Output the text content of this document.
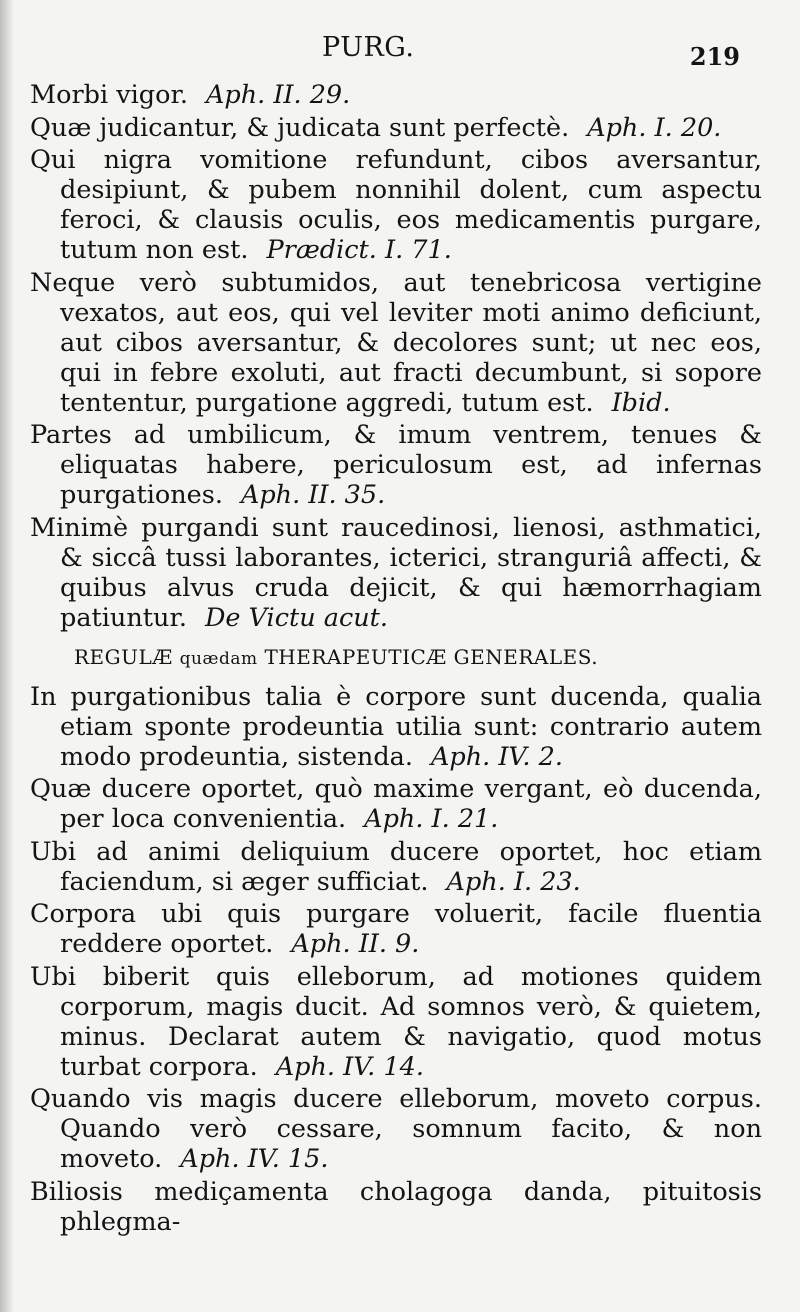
PURG.	219

Morbi vigor. Aph. II. 29.

Quæ judicantur, & judicata sunt perfectè. Aph. I. 20.

Qui nigra vomitione refundunt, cibos aversantur, desipiunt, & pubem nonnihil dolent, cum aspectu feroci, & clausis oculis, eos medicamentis purgare, tutum non est. Prædict. I. 71.

Neque verò subtumidos, aut tenebricosa vertigine vexatos, aut eos, qui vel leviter moti animo deficiunt, aut cibos aversantur, & decolores sunt; ut nec eos, qui in febre exoluti, aut fracti decumbunt, si sopore tententur, purgatione aggredi, tutum est. Ibid.

Partes ad umbilicum, & imum ventrem, tenues & eliquatas habere, periculosum est, ad infernas purgationes. Aph. II. 35.

Minimè purgandi sunt raucedinosi, lienosi, asthmatici, & siccâ tussi laborantes, icterici, stranguriâ affecti, & quibus alvus cruda dejicit, & qui hæmorrhagiam patiuntur. De Victu acut.

REGULÆ quædam THERAPEUTICÆ GENERALES.

In purgationibus talia è corpore sunt ducenda, qualia etiam sponte prodeuntia utilia sunt: contrario autem modo prodeuntia, sistenda. Aph. IV. 2.

Quæ ducere oportet, quò maxime vergant, eò ducenda, per loca convenientia. Aph. I. 21.

Ubi ad animi deliquium ducere oportet, hoc etiam faciendum, si æger sufficiat. Aph. I. 23.

Corpora ubi quis purgare voluerit, facile fluentia reddere oportet. Aph. II. 9.

Ubi biberit quis elleborum, ad motiones quidem corporum, magis ducit. Ad somnos verò, & quietem, minus. Declarat autem & navigatio, quod motus turbat corpora. Aph. IV. 14.

Quando vis magis ducere elleborum, moveto corpus. Quando verò cessare, somnum facito, & non moveto. Aph. IV. 15.

Biliosis mediçamenta cholagoga danda, pituitosis phlegma-
